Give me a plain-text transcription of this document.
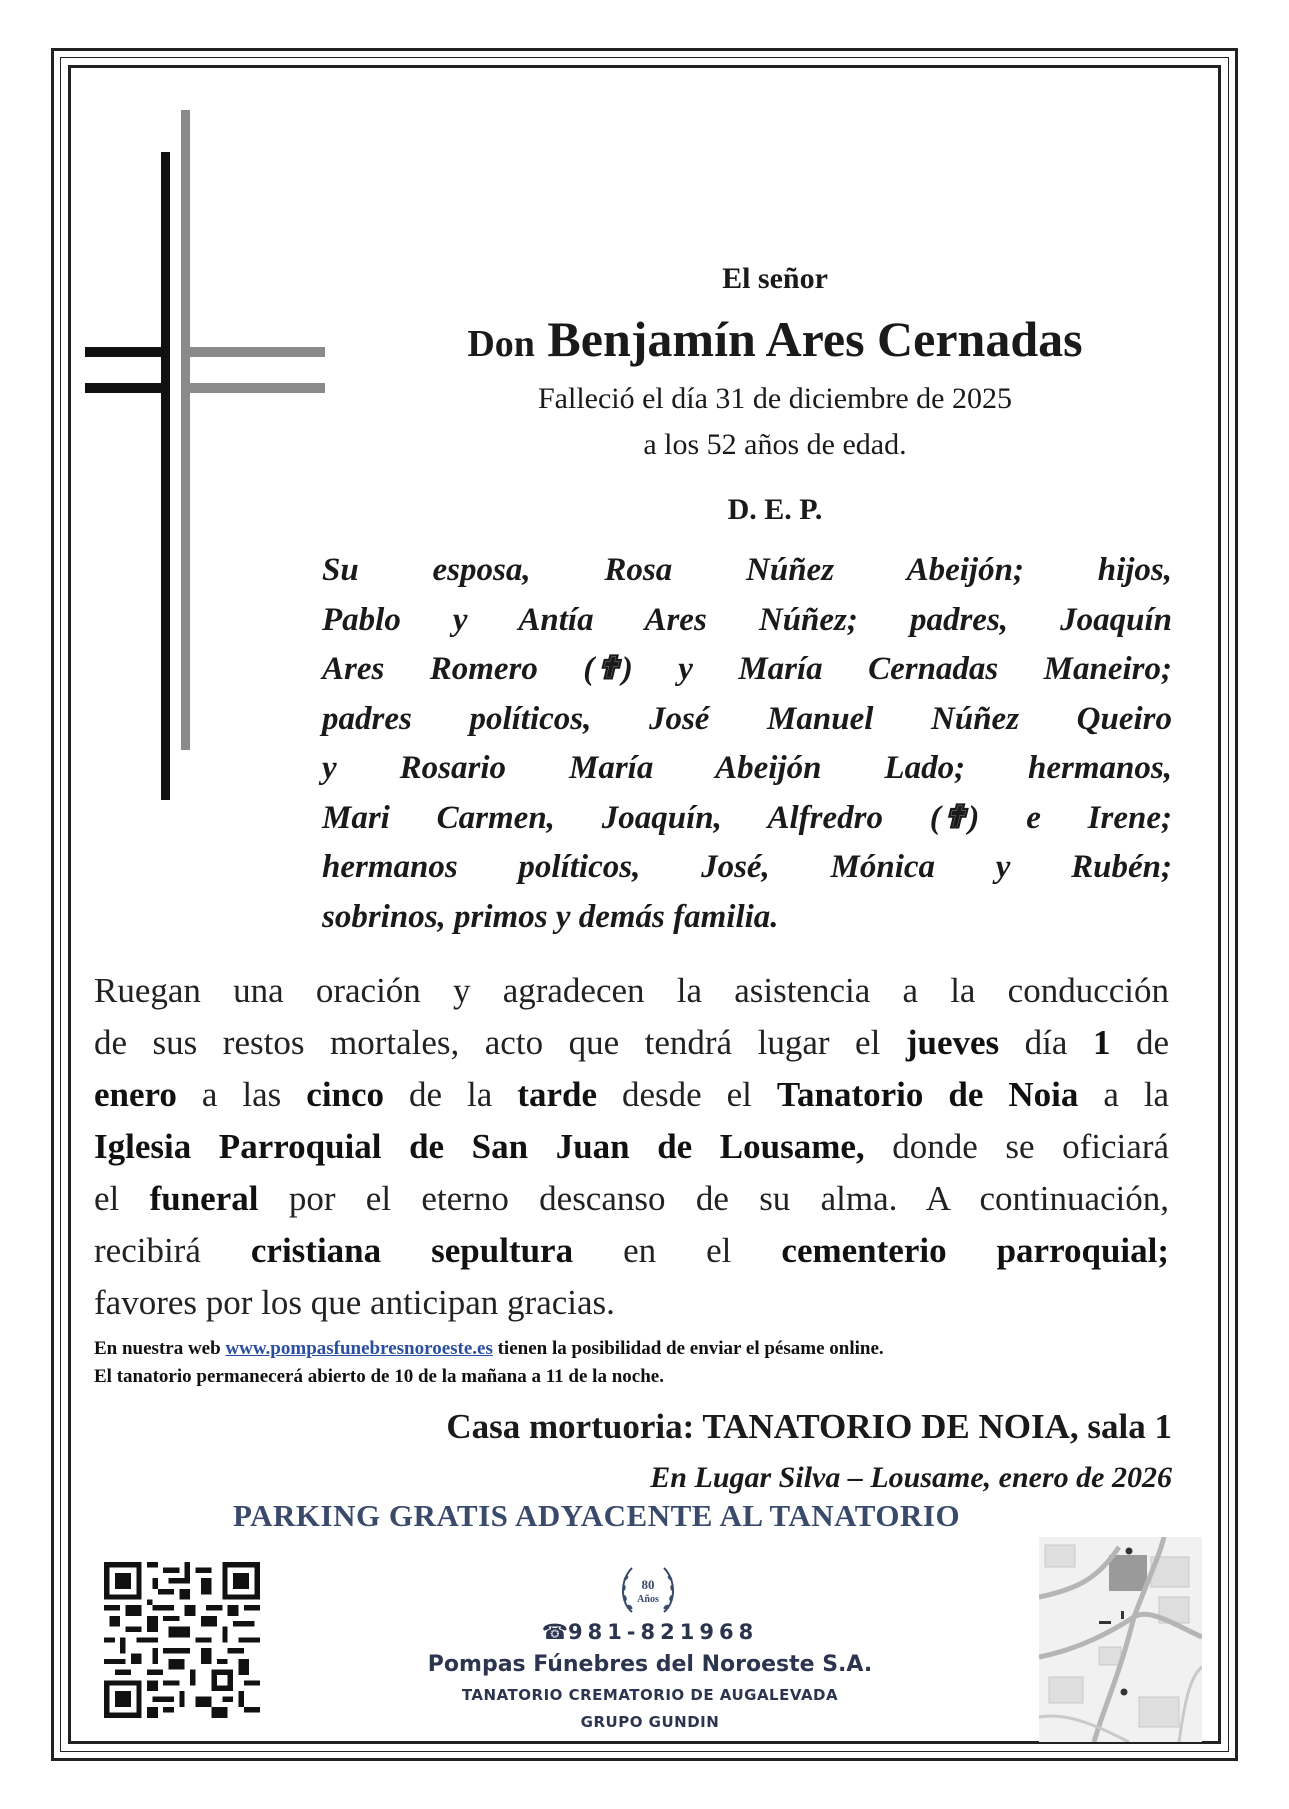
El señor
Don Benjamín Ares Cernadas
Falleció el día 31 de diciembre de 2025
a los 52 años de edad.
D. E. P.
Su esposa, Rosa Núñez Abeijón; hijos,
Pablo y Antía Ares Núñez; padres, Joaquín
Ares Romero (✟) y María Cernadas Maneiro;
padres políticos, José Manuel Núñez Queiro
y Rosario María Abeijón Lado; hermanos,
Mari Carmen, Joaquín, Alfredro (✟) e Irene;
hermanos políticos, José, Mónica y Rubén;
sobrinos, primos y demás familia.
Ruegan una oración y agradecen la asistencia a la conducción
de sus restos mortales, acto que tendrá lugar el jueves día 1 de
enero a las cinco de la tarde desde el Tanatorio de Noia a la
Iglesia Parroquial de San Juan de Lousame, donde se oficiará
el funeral por el eterno descanso de su alma. A continuación,
recibirá cristiana sepultura en el cementerio parroquial;
favores por los que anticipan gracias.
En nuestra web www.pompasfunebresnoroeste.es tienen la posibilidad de enviar el pésame online.
El tanatorio permanecerá abierto de 10 de la mañana a 11 de la noche.
Casa mortuoria: TANATORIO DE NOIA, sala 1
En Lugar Silva – Lousame, enero de 2026
PARKING GRATIS ADYACENTE AL TANATORIO
80
Años
☎981-821968
Pompas Fúnebres del Noroeste S.A.
TANATORIO CREMATORIO DE AUGALEVADA
GRUPO GUNDIN
